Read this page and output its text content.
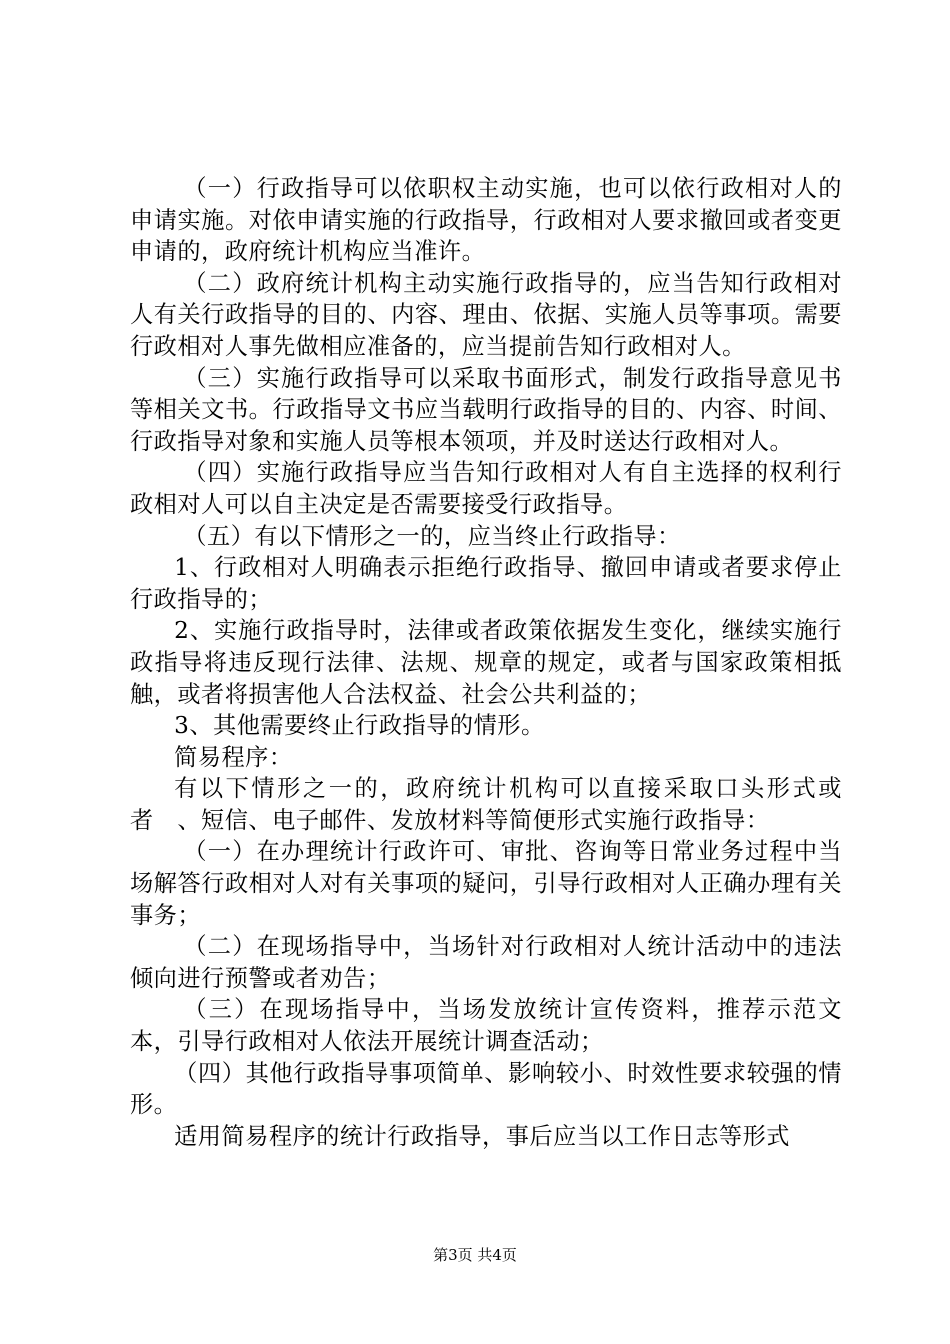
（一）行政指导可以依职权主动实施，也可以依行政相对人的申请实施。对依申请实施的行政指导，行政相对人要求撤回或者变更申请的，政府统计机构应当准许。

（二）政府统计机构主动实施行政指导的，应当告知行政相对人有关行政指导的目的、内容、理由、依据、实施人员等事项。需要行政相对人事先做相应准备的，应当提前告知行政相对人。

（三）实施行政指导可以采取书面形式，制发行政指导意见书等相关文书。行政指导文书应当载明行政指导的目的、内容、时间、行政指导对象和实施人员等根本领项，并及时送达行政相对人。

（四）实施行政指导应当告知行政相对人有自主选择的权利行政相对人可以自主决定是否需要接受行政指导。

（五）有以下情形之一的，应当终止行政指导：

1、行政相对人明确表示拒绝行政指导、撤回申请或者要求停止行政指导的；

2、实施行政指导时，法律或者政策依据发生变化，继续实施行政指导将违反现行法律、法规、规章的规定，或者与国家政策相抵触，或者将损害他人合法权益、社会公共利益的；

3、其他需要终止行政指导的情形。

简易程序：

有以下情形之一的，政府统计机构可以直接采取口头形式或者　、短信、电子邮件、发放材料等简便形式实施行政指导：

（一）在办理统计行政许可、审批、咨询等日常业务过程中当场解答行政相对人对有关事项的疑问，引导行政相对人正确办理有关事务；

（二）在现场指导中，当场针对行政相对人统计活动中的违法倾向进行预警或者劝告；

（三）在现场指导中，当场发放统计宣传资料，推荐示范文本，引导行政相对人依法开展统计调查活动；

（四）其他行政指导事项简单、影响较小、时效性要求较强的情形。

适用简易程序的统计行政指导，事后应当以工作日志等形式

第3页 共4页
